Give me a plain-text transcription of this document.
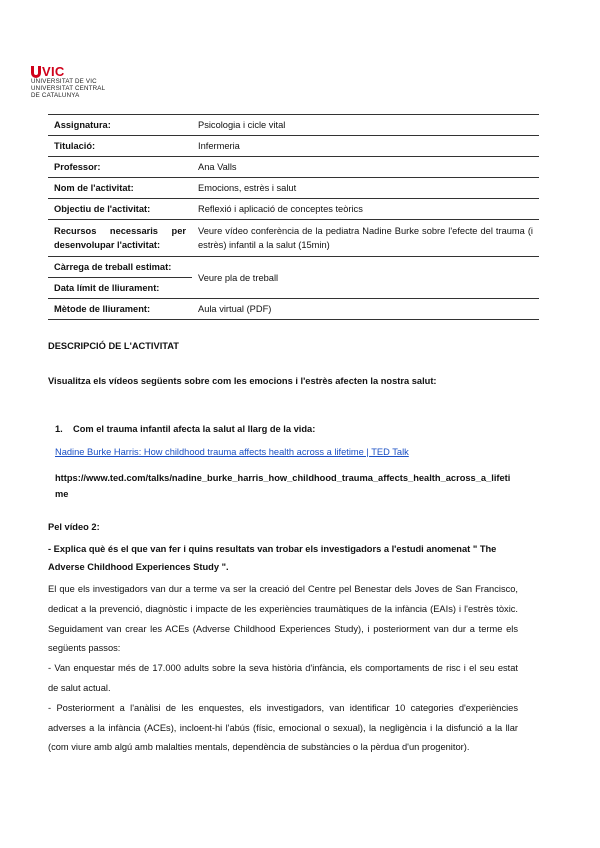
VIC
UNIVERSITAT DE VIC
UNIVERSITAT CENTRAL
DE CATALUNYA
Assignatura:	Psicologia i cicle vital
Titulació:	Infermeria
Professor:	Ana Valls
Nom de l'activitat:	Emocions, estrès i salut
Objectiu de l'activitat:	Reflexió i aplicació de conceptes teòrics
Recursos necessaris per desenvolupar l'activitat:	Veure vídeo conferència de la pediatra Nadine Burke sobre l'efecte del trauma (i estrès) infantil a la salut (15min)
Càrrega de treball estimat:	Veure pla de treball
Data límit de lliurament:	
Mètode de lliurament:	Aula virtual (PDF)
DESCRIPCIÓ DE L'ACTIVITAT
Visualitza els vídeos següents sobre com les emocions i l'estrès afecten la nostra salut:
1.	Com el trauma infantil afecta la salut al llarg de la vida:
Nadine Burke Harris: How childhood trauma affects health across a lifetime | TED Talk
https://www.ted.com/talks/nadine_burke_harris_how_childhood_trauma_affects_health_across_a_lifetime
Pel vídeo 2:
- Explica què és el que van fer i quins resultats van trobar els investigadors a l'estudi anomenat " The Adverse Childhood Experiences Study ".

El que els investigadors van dur a terme va ser la creació del Centre pel Benestar dels Joves de San Francisco, dedicat a la prevenció, diagnòstic i impacte de les experiències traumàtiques de la infància (EAIs) i l'estrès tòxic. Seguidament van crear les ACEs (Adverse Childhood Experiences Study), i posteriorment van dur a terme els següents passos:

- Van enquestar més de 17.000 adults sobre la seva història d'infància, els comportaments de risc i el seu estat de salut actual.

- Posteriorment a l'anàlisi de les enquestes, els investigadors, van identificar 10 categories d'experiències adverses a la infància (ACEs), incloent-hi l'abús (físic, emocional o sexual), la negligència i la disfunció a la llar (com viure amb algú amb malalties mentals, dependència de substàncies o la pèrdua d'un progenitor).
